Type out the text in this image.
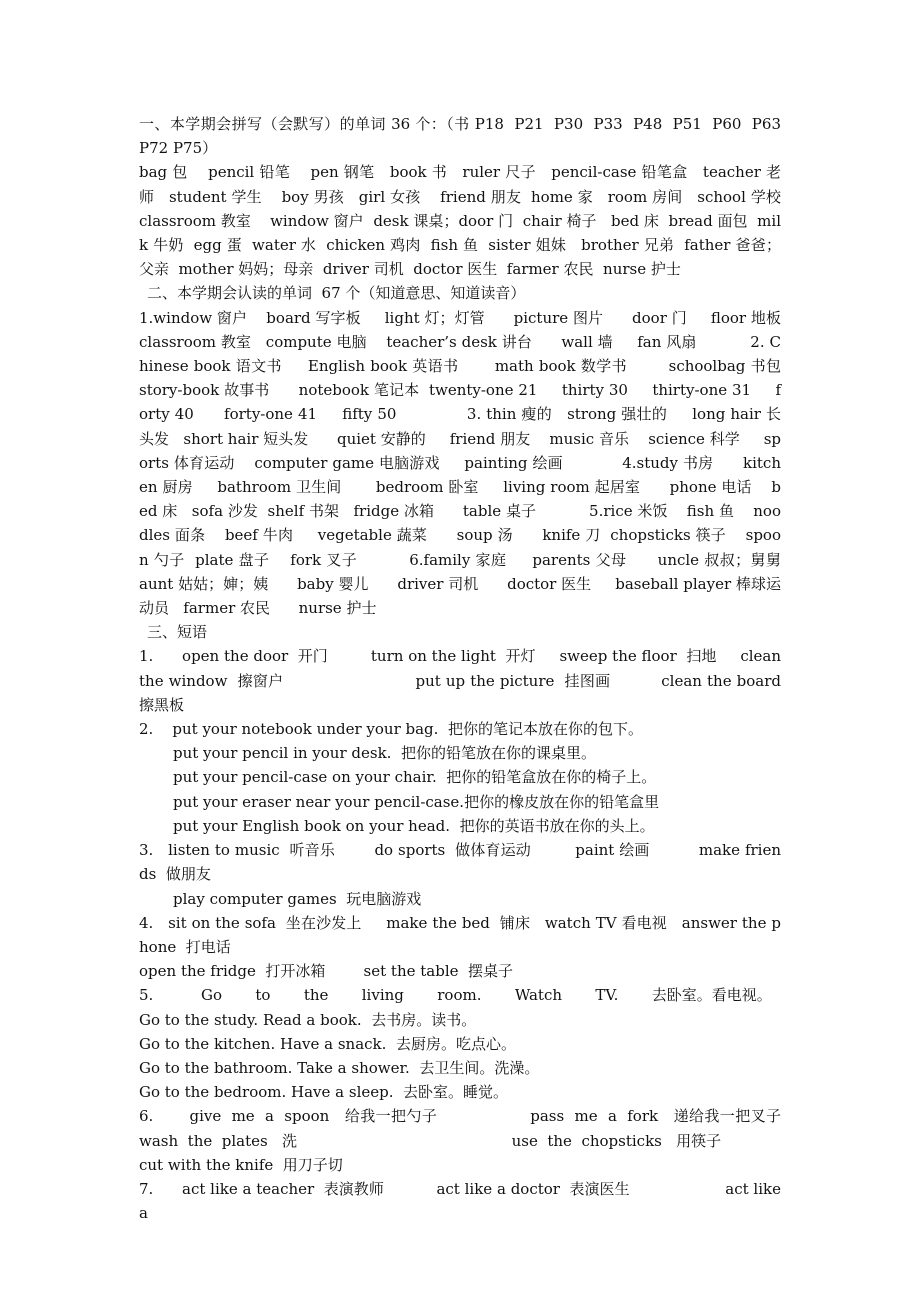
一、本学期会拼写（会默写）的单词 36 个：（书 P18  P21  P30  P33  P48  P51  P60  P63  P72 P75）

bag 包    pencil 铅笔    pen 钢笔   book 书   ruler 尺子   pencil-case 铅笔盒   teacher 老师   student 学生    boy 男孩   girl 女孩    friend 朋友  home 家   room 房间   school 学校    classroom 教室    window 窗户  desk 课桌；door 门  chair 椅子   bed 床  bread 面包  milk 牛奶  egg 蛋  water 水  chicken 鸡肉  fish 鱼  sister 姐妹   brother 兄弟  father 爸爸；父亲  mother 妈妈；母亲  driver 司机  doctor 医生  farmer 农民  nurse 护士

二、本学期会认读的单词  67 个（知道意思、知道读音）

1.window 窗户    board 写字板     light 灯；灯管      picture 图片      door 门     floor 地板   classroom 教室   compute 电脑    teacher’s desk 讲台      wall 墙     fan 风扇           2. Chinese book 语文书     English book 英语书       math book 数学书        schoolbag 书包   story-book 故事书      notebook 笔记本  twenty-one 21     thirty 30     thirty-one 31     forty 40      forty-one 41     fifty 50              3. thin 瘦的   strong 强壮的     long hair 长头发   short hair 短头发      quiet 安静的     friend 朋友    music 音乐    science 科学     sports 体育运动    computer game 电脑游戏     painting 绘画            4.study 书房      kitchen 厨房     bathroom 卫生间       bedroom 卧室     living room 起居室      phone 电话    bed 床   sofa 沙发  shelf 书架   fridge 冰箱      table 桌子           5.rice 米饭    fish 鱼    noodles 面条    beef 牛肉     vegetable 蔬菜      soup 汤      knife 刀  chopsticks 筷子    spoon 勺子  plate 盘子    fork 叉子          6.family 家庭     parents 父母      uncle 叔叔；舅舅     aunt 姑姑；婶；姨      baby 婴儿      driver 司机      doctor 医生     baseball player 棒球运动员   farmer 农民      nurse 护士

三、短语

1.      open the door  开门         turn on the light  开灯     sweep the floor  扫地     clean the window  擦窗户                          put up the picture  挂图画          clean the board  擦黑板

2.    put your notebook under your bag.  把你的笔记本放在你的包下。

put your pencil in your desk.  把你的铅笔放在你的课桌里。

put your pencil-case on your chair.  把你的铅笔盒放在你的椅子上。

put your eraser near your pencil-case.把你的橡皮放在你的铅笔盒里

put your English book on your head.  把你的英语书放在你的头上。

3.   listen to music  听音乐        do sports  做体育运动         paint 绘画          make friends  做朋友

play computer games  玩电脑游戏

4.   sit on the sofa  坐在沙发上     make the bed  铺床   watch TV 看电视   answer the phone  打电话

open the fridge  打开冰箱        set the table  摆桌子

5.          Go       to       the       living       room.       Watch       TV.       去卧室。看电视。

Go to the study. Read a book.  去书房。读书。

Go to the kitchen. Have a snack.  去厨房。吃点心。

Go to the bathroom. Take a shower.  去卫生间。洗澡。

Go to the bedroom. Have a sleep.  去卧室。睡觉。

6.       give  me  a  spoon   给我一把勺子                  pass  me  a  fork   递给我一把叉子  wash  the  plates   洗                                             use  the  chopsticks   用筷子

cut with the knife  用刀子切

7.      act like a teacher  表演教师           act like a doctor  表演医生                    act like a
